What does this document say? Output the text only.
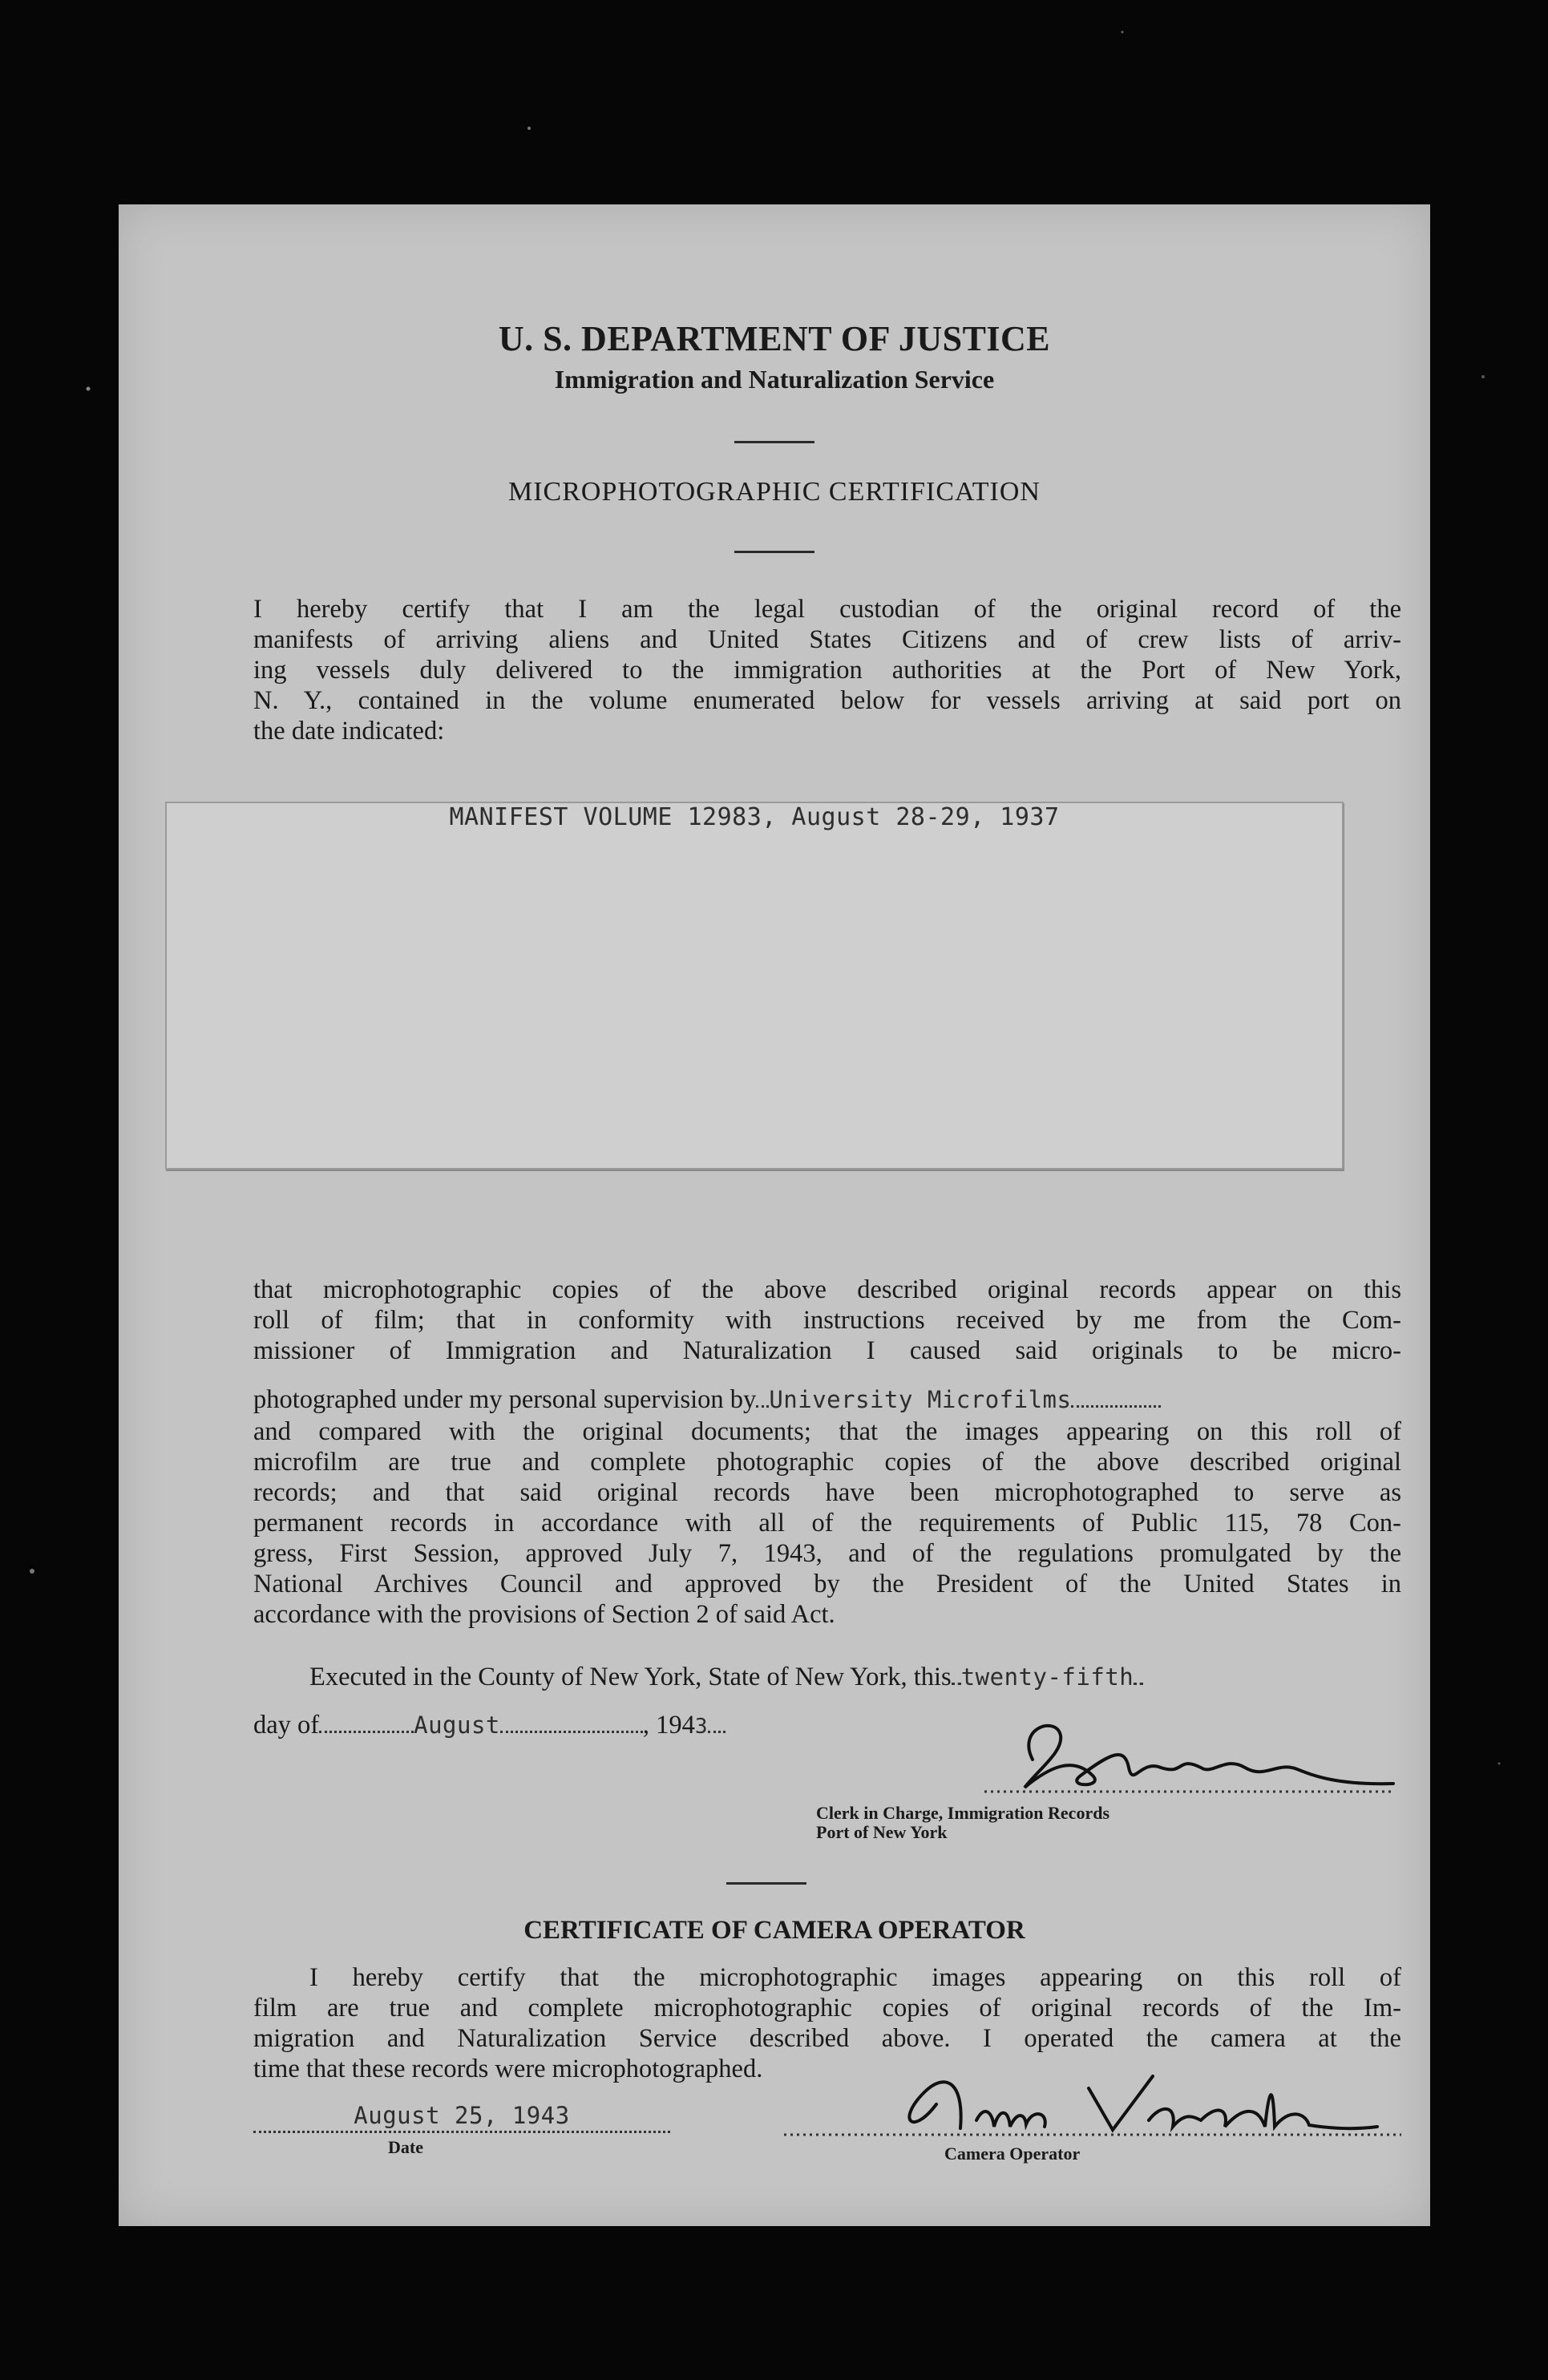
U. S. DEPARTMENT OF JUSTICE
Immigration and Naturalization Service
MICROPHOTOGRAPHIC CERTIFICATION
I hereby certify that I am the legal custodian of the original record of the
manifests of arriving aliens and United States Citizens and of crew lists of arriv-
ing vessels duly delivered to the immigration authorities at the Port of New York,
N. Y., contained in the volume enumerated below for vessels arriving at said port on
the date indicated:
MANIFEST VOLUME 12983, August 28-29, 1937
that microphotographic copies of the above described original records appear on this
roll of film; that in conformity with instructions received by me from the Com-
missioner of Immigration and Naturalization I caused said originals to be micro-
photographed under my personal supervision by University Microfilms
and compared with the original documents; that the images appearing on this roll of
microfilm are true and complete photographic copies of the above described original
records; and that said original records have been microphotographed to serve as
permanent records in accordance with all of the requirements of Public 115, 78 Con-
gress, First Session, approved July 7, 1943, and of the regulations promulgated by the
National Archives Council and approved by the President of the United States in
accordance with the provisions of Section 2 of said Act.
Executed in the County of New York, State of New York, this twenty-fifth
day of	August	, 1943
Clerk in Charge, Immigration Records
Port of New York
CERTIFICATE OF CAMERA OPERATOR
I hereby certify that the microphotographic images appearing on this roll of
film are true and complete microphotographic copies of original records of the Im-
migration and Naturalization Service described above. I operated the camera at the
time that these records were microphotographed.
August 25, 1943
Date	Camera Operator
